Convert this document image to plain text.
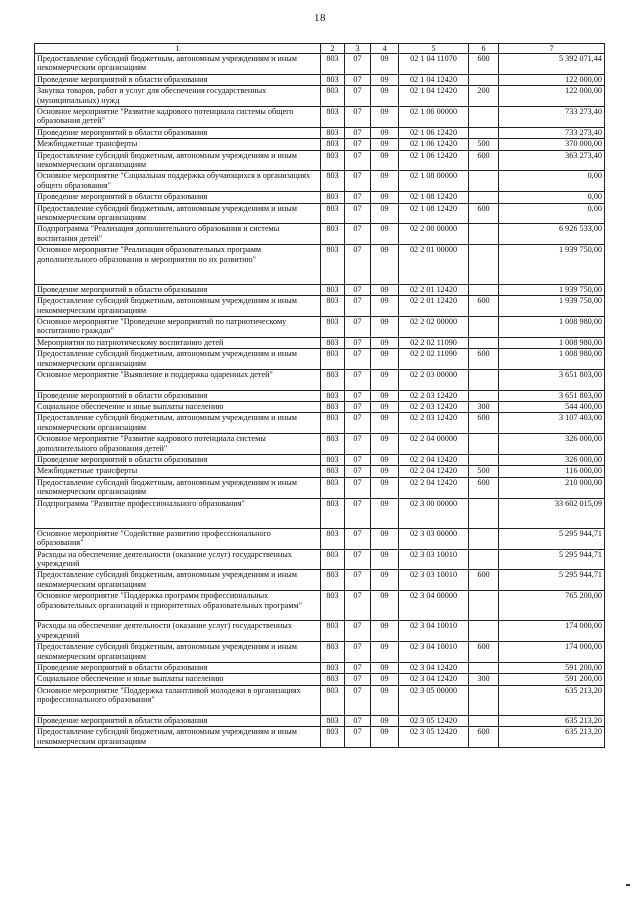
18
1	2	3	4	5	6	7
Предоставление субсидий бюджетным, автономным учреждениям и иным некоммерческим организациям	803	07	09	02 1 04 11070	600	5 392 071,44
Проведение мероприятий в области образования	803	07	09	02 1 04 12420		122 000,00
Закупка товаров, работ и услуг для обеспечения государственных (муниципальных) нужд	803	07	09	02 1 04 12420	200	122 000,00
Основное мероприятие "Развитие кадрового потенциала системы общего образования детей"	803	07	09	02 1 06 00000		733 273,40
Проведение мероприятий в области образования	803	07	09	02 1 06 12420		733 273,40
Межбюджетные трансферты	803	07	09	02 1 06 12420	500	370 000,00
Предоставление субсидий бюджетным, автономным учреждениям и иным некоммерческим организациям	803	07	09	02 1 06 12420	600	363 273,40
Основное мероприятие "Социальная поддержка обучающихся в организациях общего образования"	803	07	09	02 1 08 00000		0,00
Проведение мероприятий в области образования	803	07	09	02 1 08 12420		0,00
Предоставление субсидий бюджетным, автономным учреждениям и иным некоммерческим организациям	803	07	09	02 1 08 12420	600	0,00
Подпрограмма "Реализация дополнительного образования и системы воспитания детей"	803	07	09	02 2 00 00000		6 926 533,00
Основное мероприятие "Реализация образовательных программ дополнительного образования и мероприятия по их развитию"	803	07	09	02 2 01 00000		1 939 750,00
Проведение мероприятий в области образования	803	07	09	02 2 01 12420		1 939 750,00
Предоставление субсидий бюджетным, автономным учреждениям и иным некоммерческим организациям	803	07	09	02 2 01 12420	600	1 939 750,00
Основное мероприятие "Проведение мероприятий по патриотическому воспитанию граждан"	803	07	09	02 2 02 00000		1 008 980,00
Мероприятия по патриотическому воспитанию детей	803	07	09	02 2 02 11090		1 008 980,00
Предоставление субсидий бюджетным, автономным учреждениям и иным некоммерческим организациям	803	07	09	02 2 02 11090	600	1 008 980,00
Основное мероприятие "Выявление и поддержка одаренных детей"	803	07	09	02 2 03 00000		3 651 803,00
Проведение мероприятий в области образования	803	07	09	02 2 03 12420		3 651 803,00
Социальное обеспечение и иные выплаты населению	803	07	09	02 2 03 12420	300	544 400,00
Предоставление субсидий бюджетным, автономным учреждениям и иным некоммерческим организациям	803	07	09	02 2 03 12420	600	3 107 403,00
Основное мероприятие "Развитие кадрового потенциала системы дополнительного образования детей"	803	07	09	02 2 04 00000		326 000,00
Проведение мероприятий в области образования	803	07	09	02 2 04 12420		326 000,00
Межбюджетные трансферты	803	07	09	02 2 04 12420	500	116 000,00
Предоставление субсидий бюджетным, автономным учреждениям и иным некоммерческим организациям	803	07	09	02 2 04 12420	600	210 000,00
Подпрограмма "Развитие профессионального образования"	803	07	09	02 3 00 00000		33 602 015,09
Основное мероприятие "Содействие развитию профессионального образования"	803	07	09	02 3 03 00000		5 295 944,71
Расходы на обеспечение деятельности (оказание услуг) государственных учреждений	803	07	09	02 3 03 10010		5 295 944,71
Предоставление субсидий бюджетным, автономным учреждениям и иным некоммерческим организациям	803	07	09	02 3 03 10010	600	5 295 944,71
Основное мероприятие "Поддержка программ профессиональных образовательных организаций и приоритетных образовательных программ"	803	07	09	02 3 04 00000		765 200,00
Расходы на обеспечение деятельности (оказание услуг) государственных учреждений	803	07	09	02 3 04 10010		174 000,00
Предоставление субсидий бюджетным, автономным учреждениям и иным некоммерческим организациям	803	07	09	02 3 04 10010	600	174 000,00
Проведение мероприятий в области образования	803	07	09	02 3 04 12420		591 200,00
Социальное обеспечение и иные выплаты населению	803	07	09	02 3 04 12420	300	591 200,00
Основное мероприятие "Поддержка талантливой молодежи в организациях профессионального образования"	803	07	09	02 3 05 00000		635 213,20
Проведение мероприятий в области образования	803	07	09	02 3 05 12420		635 213,20
Предоставление субсидий бюджетным, автономным учреждениям и иным некоммерческим организациям	803	07	09	02 3 05 12420	600	635 213,20
